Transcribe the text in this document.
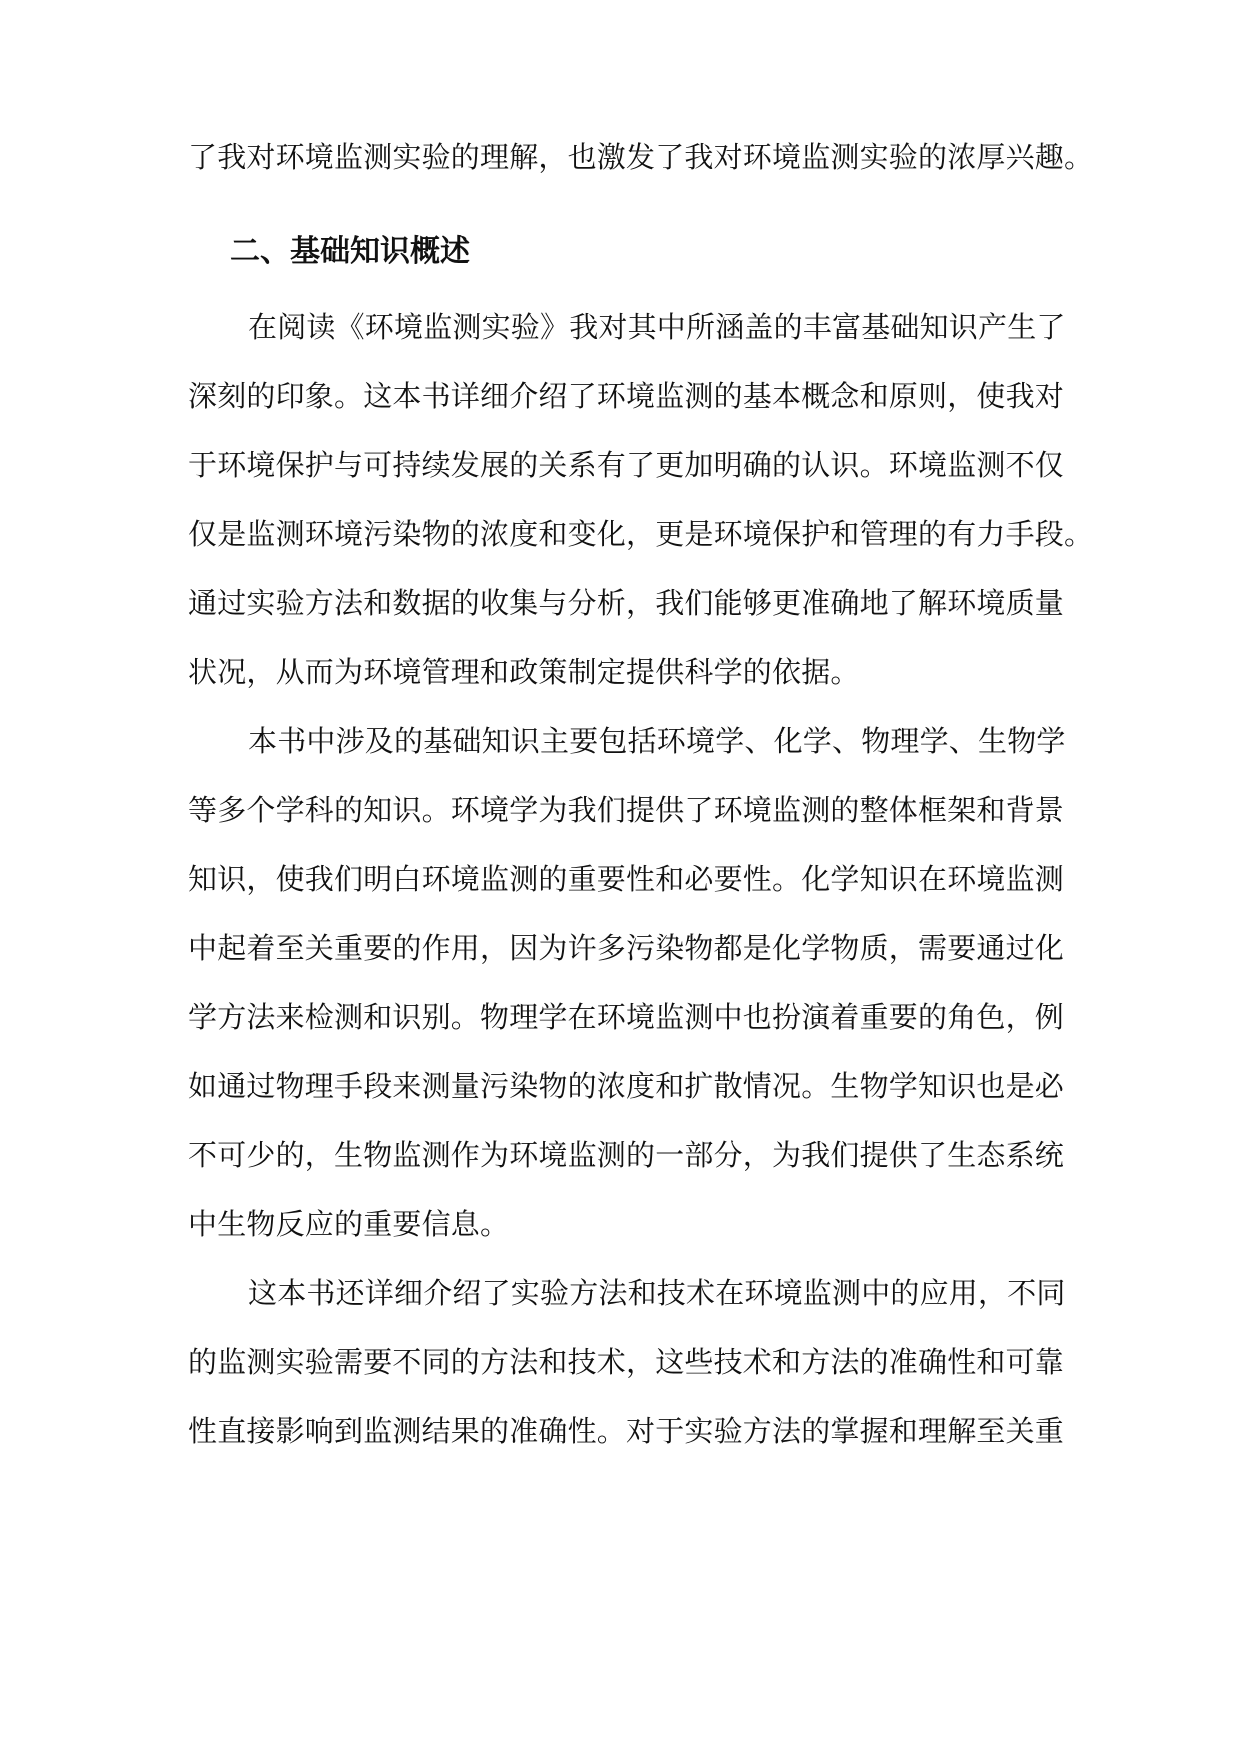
了我对环境监测实验的理解，也激发了我对环境监测实验的浓厚兴趣。
二、基础知识概述
在阅读《环境监测实验》我对其中所涵盖的丰富基础知识产生了
深刻的印象。这本书详细介绍了环境监测的基本概念和原则，使我对
于环境保护与可持续发展的关系有了更加明确的认识。环境监测不仅
仅是监测环境污染物的浓度和变化，更是环境保护和管理的有力手段。
通过实验方法和数据的收集与分析，我们能够更准确地了解环境质量
状况，从而为环境管理和政策制定提供科学的依据。
本书中涉及的基础知识主要包括环境学、化学、物理学、生物学
等多个学科的知识。环境学为我们提供了环境监测的整体框架和背景
知识，使我们明白环境监测的重要性和必要性。化学知识在环境监测
中起着至关重要的作用，因为许多污染物都是化学物质，需要通过化
学方法来检测和识别。物理学在环境监测中也扮演着重要的角色，例
如通过物理手段来测量污染物的浓度和扩散情况。生物学知识也是必
不可少的，生物监测作为环境监测的一部分，为我们提供了生态系统
中生物反应的重要信息。
这本书还详细介绍了实验方法和技术在环境监测中的应用，不同
的监测实验需要不同的方法和技术，这些技术和方法的准确性和可靠
性直接影响到监测结果的准确性。对于实验方法的掌握和理解至关重
